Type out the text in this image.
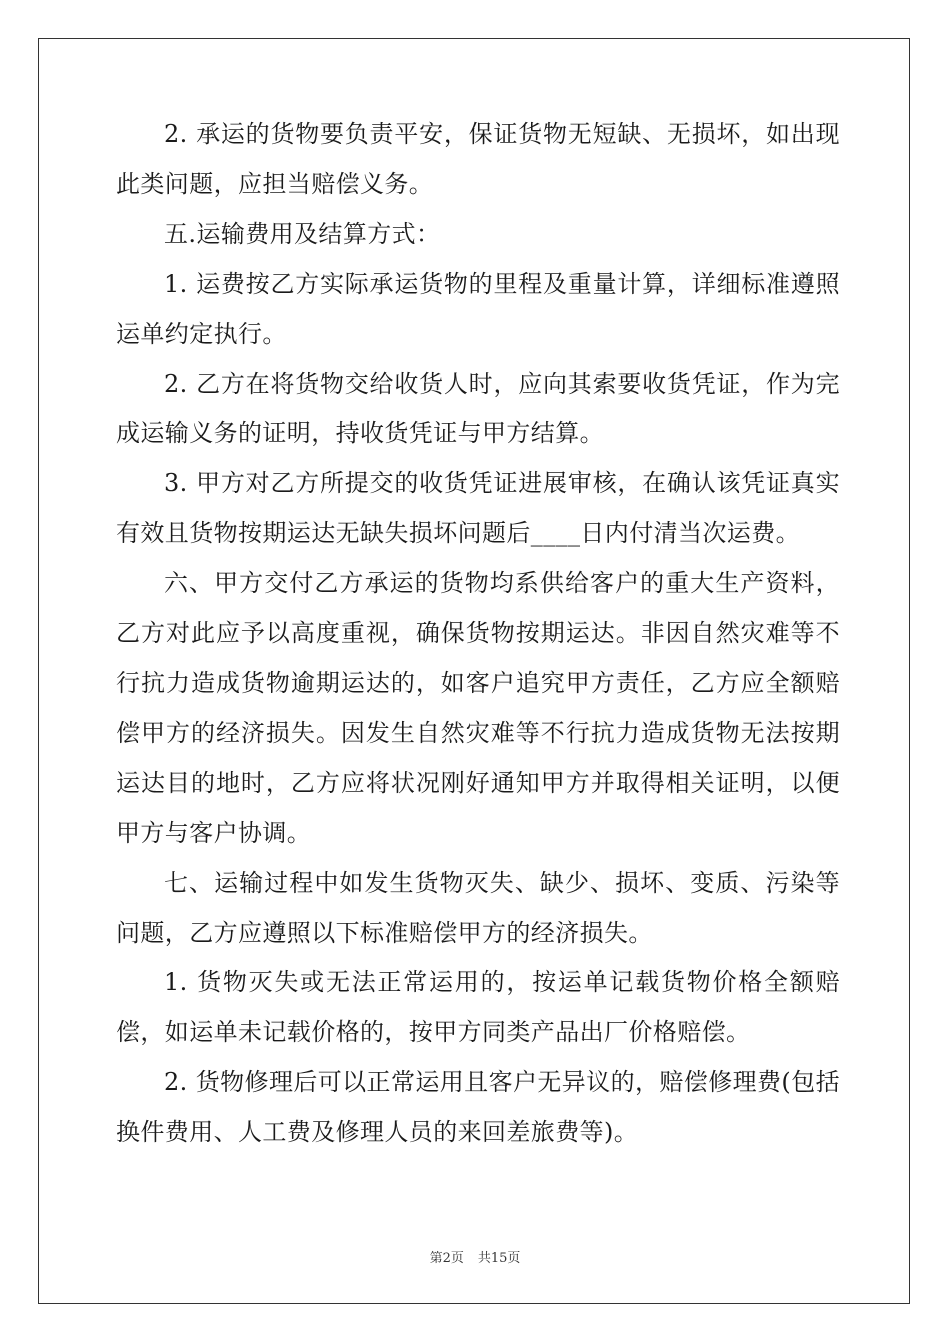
2. 承运的货物要负责平安，保证货物无短缺、无损坏，如出现此类问题，应担当赔偿义务。

五.运输费用及结算方式：

1. 运费按乙方实际承运货物的里程及重量计算，详细标准遵照运单约定执行。

2. 乙方在将货物交给收货人时，应向其索要收货凭证，作为完成运输义务的证明，持收货凭证与甲方结算。

3. 甲方对乙方所提交的收货凭证进展审核，在确认该凭证真实有效且货物按期运达无缺失损坏问题后____日内付清当次运费。

六、甲方交付乙方承运的货物均系供给客户的重大生产资料，乙方对此应予以高度重视，确保货物按期运达。非因自然灾难等不行抗力造成货物逾期运达的，如客户追究甲方责任，乙方应全额赔偿甲方的经济损失。因发生自然灾难等不行抗力造成货物无法按期运达目的地时，乙方应将状况刚好通知甲方并取得相关证明，以便甲方与客户协调。

七、运输过程中如发生货物灭失、缺少、损坏、变质、污染等问题，乙方应遵照以下标准赔偿甲方的经济损失。

1. 货物灭失或无法正常运用的，按运单记载货物价格全额赔偿，如运单未记载价格的，按甲方同类产品出厂价格赔偿。

2. 货物修理后可以正常运用且客户无异议的，赔偿修理费(包括换件费用、人工费及修理人员的来回差旅费等)。

第2页 共15页
